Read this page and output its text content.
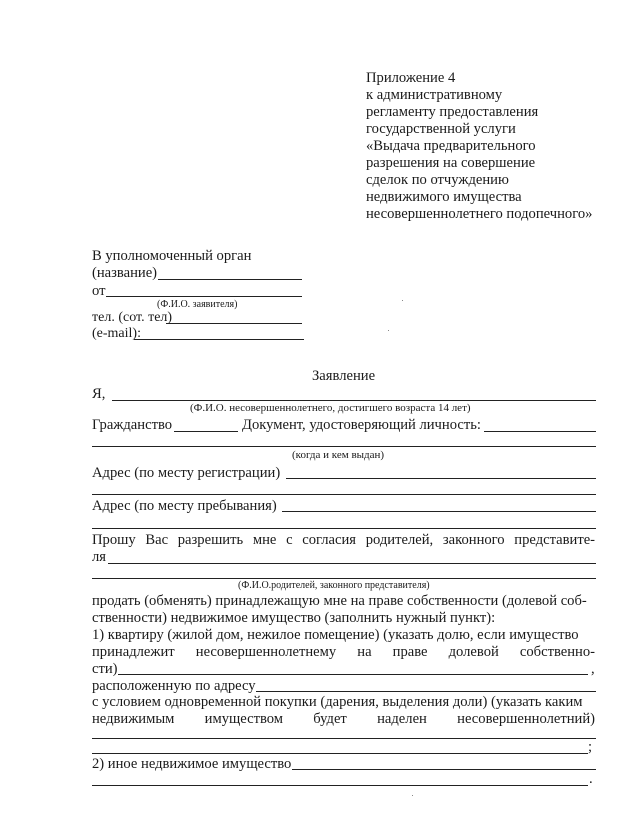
Приложение 4
к административному
регламенту предоставления
государственной услуги
«Выдача предварительного
разрешения на совершение
сделок по отчуждению
недвижимого имущества
несовершеннолетнего подопечного»
В уполномоченный орган
(название)
от
(Ф.И.О. заявителя)
тел. (сот. тел)
(e-mail):
Заявление
Я,
(Ф.И.О. несовершеннолетнего, достигшего возраста 14 лет)
Гражданство	Документ, удостоверяющий личность:
(когда и кем выдан)
Адрес (по месту регистрации)
Адрес (по месту пребывания)
Прошу Вас разрешить мне с согласия родителей, законного представите-
ля
(Ф.И.О.родителей, законного представителя)
продать (обменять) принадлежащую мне на праве собственности (долевой соб-
ственности) недвижимое имущество (заполнить нужный пункт):
1) квартиру (жилой дом, нежилое помещение) (указать долю, если имущество
принадлежит несовершеннолетнему на праве долевой собственно-
сти)	,
расположенную по адресу
с условием одновременной покупки (дарения, выделения доли) (указать каким
недвижимым имуществом будет наделен несовершеннолетний)
;
2) иное недвижимое имущество
.
